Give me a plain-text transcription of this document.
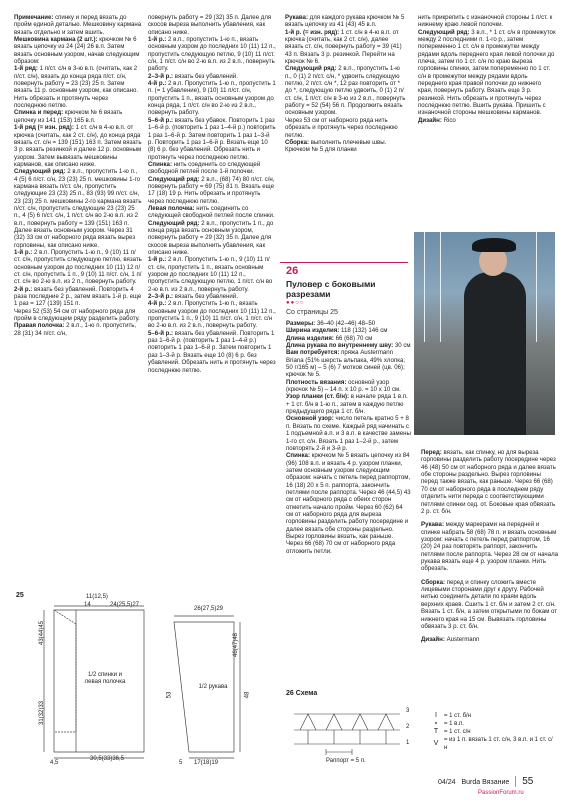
Примечание: спинку и перед вязать до пройм единой деталью. Мешковину кармана вязать отдельно и затем вшить.

Мешковина кармана (2 шт.): крючком № 6 вязать цепочку из 24 (24) 26 в.п. Затем вязать основным узором, начав следующим образом:

1-й ряд: 1 п/ст. с/н в 3-ю в.п. (считать, как 2 п/ст. с/н), вязать до конца ряда п/ст. с/н, повернуть работу = 23 (23) 25 п. Затем вязать 11 р. основным узором, как описано. Нить обрезать и протянуть через последнюю петлю.

Спинка и перед: крючком № 6 вязать цепочку из 141 (153) 165 в.п.

1-й ряд (= изн. ряд): 1 ст. с/н в 4-ю в.п. от крючка (считать, как 2 ст. с/н), до конца ряда вязать ст. с/н = 139 (151) 163 п. Затем вязать 3 р. вязать резинкой и далее 12 р. основным узором. Затем вывязать мешковины карманов, как описано ниже.

Следующий ряд: 2 в.п., пропустить 1-ю п., 4 (5) 6 п/ст. с/н, 23 (23) 25 п. мешковины 1-го кармана вязать п/ст. с/н, пропустить следующие 23 (23) 25 п., 83 (93) 99 п/ст. с/н, 23 (23) 25 п. мешковины 2-го кармана вязать п/ст. с/н, пропустить следующие 23 (23) 25 п., 4 (5) 6 п/ст. с/н, 1 п/ст. с/н во 2-ю в.п. из 2 в.п., повернуть работу = 139 (151) 163 п. Далее вязать основным узором. Через 31 (32) 33 см от наборного ряда вязать вырез горловины, как описано ниже.

1-й р.: 2 в.п. Пропустить 1-ю п., 9 (10) 11 п/ст. с/н, пропустить следующую петлю, вязать основным узором до последних 10 (11) 12 п/ст. с/н, пропустить 1 п., 9 (10) 11 п/ст. с/н, 1 п/ст. с/н во 2-ю в.п. из 2 п., повернуть работу.

2-й р.: вязать без убавлений. Повторить 4 раза последние 2 р., затем вязать 1-й р. еще 1 раз = 127 (139) 151 п.

Через 52 (53) 54 см от наборного ряда для пройм в следующем ряду разделить работу.

Правая полочка: 2 в.п., 1-ю п. пропустить, 28 (31) 34 п/ст. с/н,

повернуть работу = 29 (32) 35 п. Далее для скосов выреза выполнить убавления, как описано ниже.

1-й р.: 2 в.п., пропустить 1-ю п., вязать основным узором до последних 10 (11) 12 п., пропустить следующую петлю, 9 (10) 11 п/ст. с/н, 1 п/ст. с/н во 2-ю в.п. из 2 в.п., повернуть работу.

2–3-й р.: вязать без убавлений.

4-й р.: 2 в.п. Пропустить 1-ю п., пропустить 1 п. (= 1 убавление), 9 (10) 11 п/ст. с/н, пропустить 1 п., вязать основным узором до конца ряда, 1 п/ст. с/н во 2-ю из 2 в.п., повернуть работу.

5–6-й р.: вязать без убавок. Повторить 1 раз 1–6-й р. (повторить 1 раз 1–4-й р.) повторить 1 раз 1–6-й р. Затем повторить 1 раз 1–3-й р. Повторить 1 раз 1–6-й р. Вязать еще 10 (8) 6 р. без убавлений. Обрезать нить и протянуть через последнюю петлю.

Спинка: нить соединить со следующей свободной петлей после 1-й полочки.

Следующий ряд: 2 в.п., (68) 74) 80 п/ст. с/н, повернуть работу = 69 (75) 81 п. Вязать еще 17 (18) 19 р. Нить обрезать и протянуть через последнюю петлю.

Левая полочка: нить соединить со следующей свободной петлей после спинки.

Следующий ряд: 2 в.п., пропустить 1 п., до конца ряда вязать основным узором, повернуть работу = 29 (32) 35 п. Далее для скосов выреза выполнить убавления, как описано ниже.

1-й р.: 2 в.п. Пропустить 1-ю п., 9 (10) 11 п/ст. с/н, пропустить 1 п., вязать основным узором до последних 10 (11) 12 п., пропустить следующую петлю, 1 п/ст. с/н во 2-ю в.п. из 2 в.п., повернуть работу.

2–3-й р.: вязать без убавлений.

4-й р.: 2 в.п. Пропустить 1-ю п., вязать основным узором до последних 10 (11) 12 п., пропустить 1 п., 9 (10) 11 п/ст. с/н, 1 п/ст. с/н во 2-ю в.п. из 2 в.п., повернуть работу.

5–6-й р.: вязать без убавлений. Повторить 1 раз 1–6-й р. (повторить 1 раз 1–4-й р.) повторить 1 раз 1–6-й р. Затем повторить 1 раз 1–3-й р. Вязать еще 10 (8) 6 р. без убавлений. Обрезать нить и протянуть через последнюю петлю.

Рукава: для каждого рукава крючком № 5 вязать цепочку из 41 (43) 45 в.п.

1-й р. (= изн. ряд): 1 ст. с/н в 4-ю в.п. от крючка (считать, как 2 ст. с/н), далее вязать ст. с/н, повернуть работу = 39 (41) 43 п. Вязать 3 р. резинкой. Перейти на крючок № 6.

Следующий ряд: 2 в.п., пропустить 1-ю п., 0 (1) 2 п/ст. с/н, * удвоить следующую петлю, 2 п/ст. с/н *, 12 раз повторить от * до *, следующую петлю удвоить, 0 (1) 2 п/ст. с/н, 1 п/ст. с/н в 3-ю из 2 в.п., повернуть работу = 52 (54) 56 п. Продолжить вязать основным узором.

Через 53 см от наборного ряда нить обрезать и протянуть через последнюю петлю.

Сборка: выполнить плечевые швы. Крючком № 5 для планки

нить прикрепить с изнаночной стороны 1 п/ст. к нижнему краю левой полочки.

Следующий ряд: 3 в.п., * 1 ст. с/н в промежуток между 2 последними п. 1-го р., затем попеременно 1 ст. с/н в промежутки между рядами вдоль переднего края левой полочки до плеча, затем по 1 ст. с/н по краю выреза горловины спинки, затем попеременно по 1 ст. с/н в промежутки между рядами вдоль переднего края правой полочки до нижнего края, повернуть работу. Вязать еще 3 р. резинкой. Нить обрезать и протянуть через последнюю петлю. Вшить рукава. Пришить с изнаночной стороны мешковины карманов.

Дизайн: Rico

26
Пуловер с боковыми разрезами
●●○○
Со страницы 25

Размеры: 36–40 (42–46) 48–50

Ширина изделия: 118 (132) 146 см

Длина изделия: 66 (68) 70 см

Длина рукава по внутреннему шву: 30 см

Вам потребуется: пряжа Austermann Briana (51% шерсть альпака, 49% хлопка; 50 г/165 м) – 5 (6) 7 мотков синей (цв. 06); крючок № 5.

Плотность вязания: основной узор (крючок № 5) – 14 п. x 10 р. = 10 x 10 см.

Узор планки (ст. б/н): в начале ряда 1 в.п. + 1 ст. б/н в 1-ю п., затем в каждую петлю предыдущего ряда 1 ст. б/н.

Основной узор: число петель кратно 5 + 8 п. Вязать по схеме. Каждый ряд начинать с 1 подъемной в.п. и 3 в.п. в качестве замены 1-го ст. с/н. Вязать 1 раз 1–2-й р., затем повторять 2-й и 3-й р.

Спинка: крючком № 5 вязать цепочку из 84 (96) 108 в.п. и вязать 4 р. узором планки, затем основным узором следующим образом: начать с петель перед раппортом, 16 (18) 20 x 5 п. раппорта, закончить петлями после раппорта. Через 46 (44,5) 43 см от наборного ряда с обеих сторон отметить начало пройм. Через 60 (62) 64 см от наборного ряда для выреза горловины разделить работу посередине и далее вязать обе стороны раздельно. Вырез горловины вязать, как раньше. Через 66 (68) 70 см от наборного ряда отложить петли.

Перед: вязать, как спинку, но для выреза горловины разделить работу посередине через 46 (48) 50 см от наборного ряда и далее вязать обе стороны раздельно. Вырез горловины перед также вязать, как раньше. Через 66 (68) 70 см от наборного ряда в последнем ряду отделить нити переда с соответствующими петлями спинки сед. от. Боковые края обвязать 2 р. ст. б/н.

Рукава: между маркерами на передней и спинке набрать 58 (68) 78 п. и вязать основным узором: начать с петель перед раппортом, 16 (20) 24 раз повторять раппорт, закончить петлями после раппорта. Через 28 см от начала рукава вязать еще 4 р. узором планки. Нить обрезать.

Сборка: перед и спинку сложить вместе лицевыми сторонами друг к другу. Рабочей нитью соединить детали по краям вдоль верхних краев. Сшить 1 ст. б/н и затем 2 ст. с/н. Вязать 1 ст. б/н, а затем открытыми по бокам от нижнего края на 15 см. Вывязать горловины обвязать 3 р. ст. б/н.

Дизайн: Austermann

25	11(12,5)
14	24(25,5)27
43(44)45
31(32)33
4,5
30,5(33)36,5
1/2 спинки и левая полочка
26(27,5)29
53
46(47)48
48
1/2 рукава
17(18)19
5
26 Схема
3
2
1
Раппорт = 5 п.
I	= 1 ст. б/н
∘ = 1 в.п.
T = 1 ст. с/н
V = из 1 п. вязать 1 ст. с/н, 3 в.п. и 1 ст. с/н
04/24 Burda Вязание 55
PassionForum.ru
